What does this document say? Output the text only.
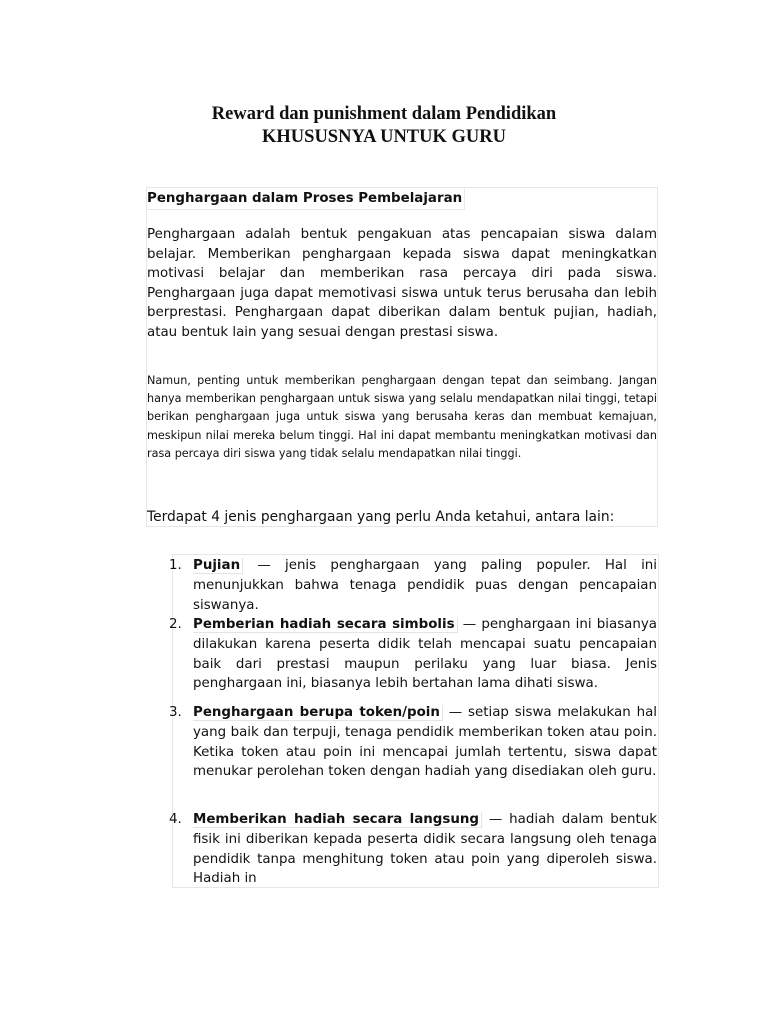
Reward dan punishment dalam Pendidikan
KHUSUSNYA UNTUK GURU
Penghargaan dalam Proses Pembelajaran
Penghargaan adalah bentuk pengakuan atas pencapaian siswa dalam belajar. Memberikan penghargaan kepada siswa dapat meningkatkan motivasi belajar dan memberikan rasa percaya diri pada siswa. Penghargaan juga dapat memotivasi siswa untuk terus berusaha dan lebih berprestasi. Penghargaan dapat diberikan dalam bentuk pujian, hadiah, atau bentuk lain yang sesuai dengan prestasi siswa.
Namun, penting untuk memberikan penghargaan dengan tepat dan seimbang. Jangan hanya memberikan penghargaan untuk siswa yang selalu mendapatkan nilai tinggi, tetapi berikan penghargaan juga untuk siswa yang berusaha keras dan membuat kemajuan, meskipun nilai mereka belum tinggi. Hal ini dapat membantu meningkatkan motivasi dan rasa percaya diri siswa yang tidak selalu mendapatkan nilai tinggi.
Terdapat 4 jenis penghargaan yang perlu Anda ketahui, antara lain:
1. Pujian — jenis penghargaan yang paling populer. Hal ini menunjukkan bahwa tenaga pendidik puas dengan pencapaian siswanya.
2. Pemberian hadiah secara simbolis — penghargaan ini biasanya dilakukan karena peserta didik telah mencapai suatu pencapaian baik dari prestasi maupun perilaku yang luar biasa. Jenis penghargaan ini, biasanya lebih bertahan lama dihati siswa.
3. Penghargaan berupa token/poin — setiap siswa melakukan hal yang baik dan terpuji, tenaga pendidik memberikan token atau poin. Ketika token atau poin ini mencapai jumlah tertentu, siswa dapat menukar perolehan token dengan hadiah yang disediakan oleh guru.
4. Memberikan hadiah secara langsung — hadiah dalam bentuk fisik ini diberikan kepada peserta didik secara langsung oleh tenaga pendidik tanpa menghitung token atau poin yang diperoleh siswa. Hadiah in
